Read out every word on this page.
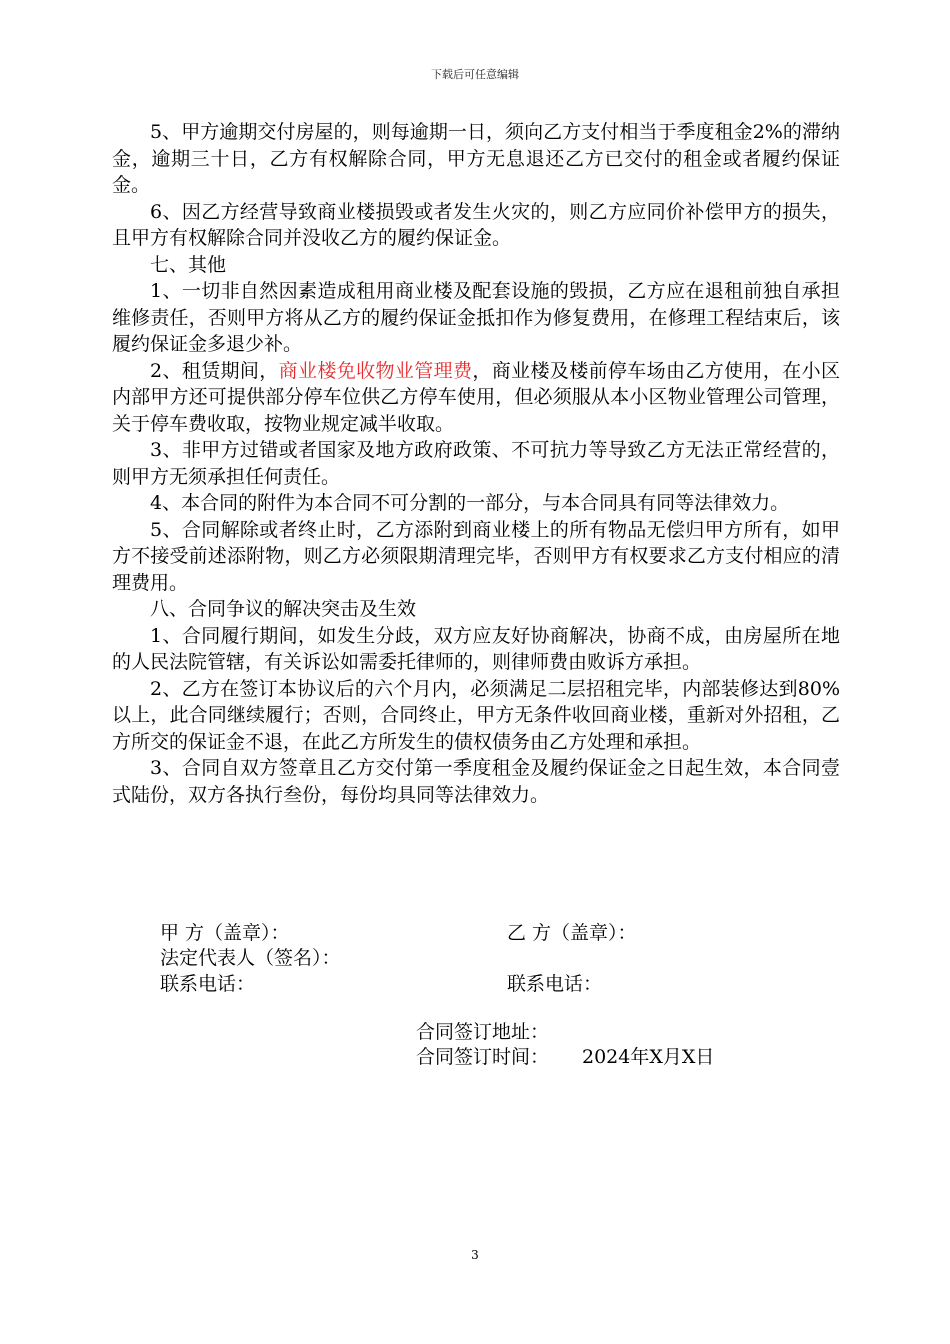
下载后可任意编辑

5、甲方逾期交付房屋的，则每逾期一日，须向乙方支付相当于季度租金2%的滞纳金，逾期三十日，乙方有权解除合同，甲方无息退还乙方已交付的租金或者履约保证金。

6、因乙方经营导致商业楼损毁或者发生火灾的，则乙方应同价补偿甲方的损失，且甲方有权解除合同并没收乙方的履约保证金。

七、其他

1、一切非自然因素造成租用商业楼及配套设施的毁损，乙方应在退租前独自承担维修责任，否则甲方将从乙方的履约保证金抵扣作为修复费用，在修理工程结束后，该履约保证金多退少补。

2、租赁期间，商业楼免收物业管理费，商业楼及楼前停车场由乙方使用，在小区内部甲方还可提供部分停车位供乙方停车使用，但必须服从本小区物业管理公司管理，关于停车费收取，按物业规定减半收取。

3、非甲方过错或者国家及地方政府政策、不可抗力等导致乙方无法正常经营的，则甲方无须承担任何责任。

4、本合同的附件为本合同不可分割的一部分，与本合同具有同等法律效力。

5、合同解除或者终止时，乙方添附到商业楼上的所有物品无偿归甲方所有，如甲方不接受前述添附物，则乙方必须限期清理完毕，否则甲方有权要求乙方支付相应的清理费用。

八、合同争议的解决突击及生效

1、合同履行期间，如发生分歧，双方应友好协商解决，协商不成，由房屋所在地的人民法院管辖，有关诉讼如需委托律师的，则律师费由败诉方承担。

2、乙方在签订本协议后的六个月内，必须满足二层招租完毕，内部装修达到80%以上，此合同继续履行；否则，合同终止，甲方无条件收回商业楼，重新对外招租，乙方所交的保证金不退，在此乙方所发生的债权债务由乙方处理和承担。

3、合同自双方签章且乙方交付第一季度租金及履约保证金之日起生效，本合同壹式陆份，双方各执行叁份，每份均具同等法律效力。

甲 方（盖章）：	乙 方（盖章）：
法定代表人（签名）：
联系电话：	联系电话：
合同签订地址：
合同签订时间： 2024年X月X日
3
